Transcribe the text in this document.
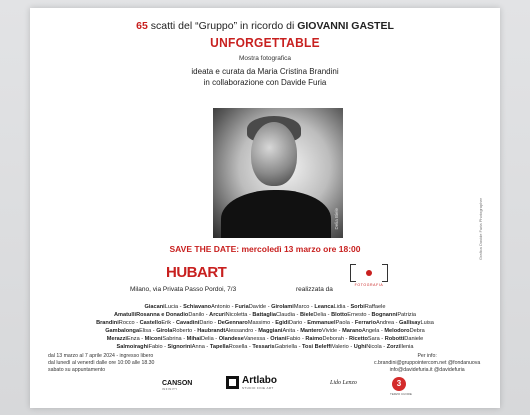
65 scatti del “Gruppo” in ricordo di GIOVANNI GASTEL
UNFORGETTABLE
Mostra fotografica
ideata e curata da Maria Cristina Brandini
in collaborazione con Davide Furia
Delia Biele	Grafica Davide Furia Photographer
SAVE THE DATE: mercoledì 13 marzo ore 18:00
HUBART
Milano, via Privata Passo Pordoi, 7/3	realizzata da
FOTOGRAFIA
GiacaniLucia - SchiavanoAntonio - FuriaDavide - GirolamiMarco - LeancaLidia - SorbiRaffaele
AmatulliRosanna e DonadioDanilo - ArcuriNicoletta - BattagliaClaudia - BieleDelia - BlottoErnesto - BognanniPatrizia
BrandiniRocco - CastelloErik - CavadiniDario - DeGennaroMassimo - EgidiDario - EmmanuelPaola - FerrarioAndrea - GallisayLuisa
GambalongaElisa - GirolaRoberto - HaubrandtAlessandro - MaggianiAnita - ManteroVivide - MaranoAngela - MelodoroDebra
MerazziEnza - MiconiSabrina - MihaiDelia - OlandeseVanessa - OrianiFabio - RaimoDeborah - RicettoSara - RobottiDaniele
SalmoiraghiFabio - SignoriniAnna - TapellaRosella - TessarisGabriella - Tosi BeleffiValerio - UghiNicola - ZorziIlenia
dal 13 marzo al 7 aprile 2024 - ingresso libero
dal lunedì al venerdì dalle ore 10:00 alle 18.30
sabato su appuntamento
Per info:
c.brandini@gruppointercom.net @fondanuova
info@davidefuria.it @davidefuria
CANSON
INFINITY
Artlabo
STUDIO FINE ART
Lido Lenzo	3
TERZO CUORE
